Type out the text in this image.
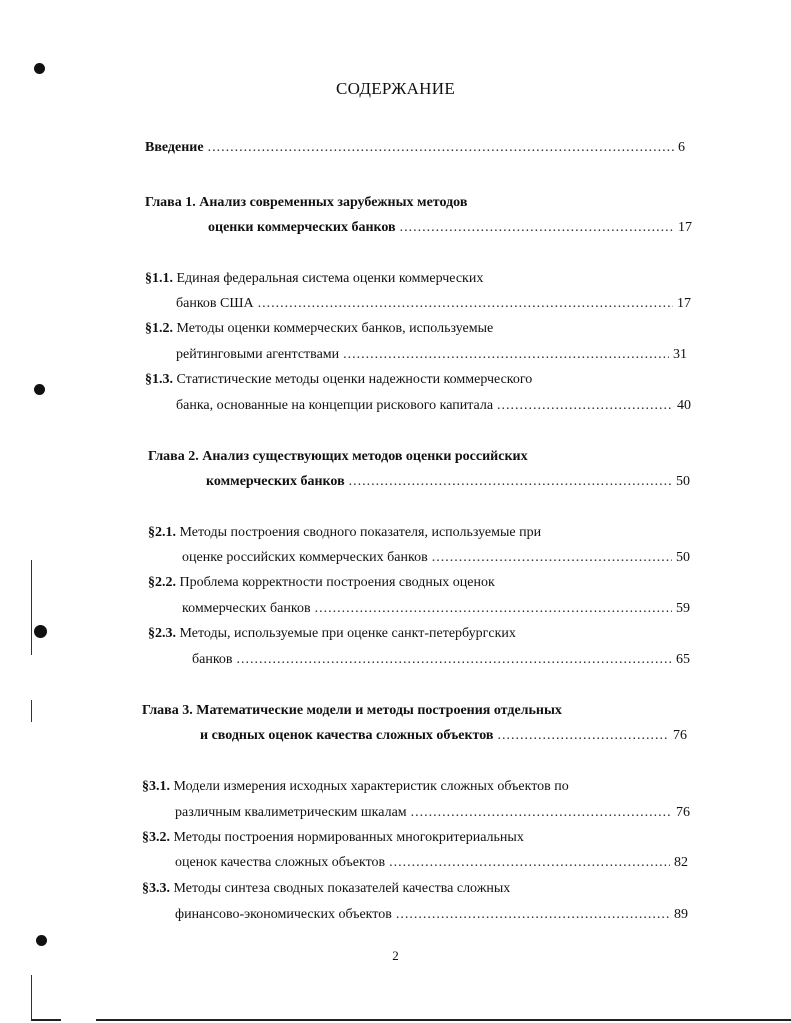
СОДЕРЖАНИЕ
Введение .....	6
Глава 1. Анализ современных зарубежных методов
оценки коммерческих банков .....	17
§1.1. Единая федеральная система оценки коммерческих
банков США .....	17
§1.2. Методы оценки коммерческих банков, используемые
рейтинговыми агентствами .....	31
§1.3. Статистические методы оценки надежности коммерческого
банка, основанные на концепции рискового капитала .....	40
Глава 2. Анализ существующих методов оценки российских
коммерческих банков .....	50
§2.1. Методы построения сводного показателя, используемые при
оценке российских коммерческих банков .....	50
§2.2. Проблема корректности построения сводных оценок
коммерческих банков .....	59
§2.3. Методы, используемые при оценке санкт-петербургских
банков .....	65
Глава 3. Математические модели и методы построения отдельных
и сводных оценок качества сложных объектов .....	76
§3.1. Модели измерения исходных характеристик сложных объектов по
различным квалиметрическим шкалам .....	76
§3.2. Методы построения нормированных многокритериальных
оценок качества сложных объектов .....	82
§3.3. Методы синтеза сводных показателей качества сложных
финансово-экономических объектов .....	89
2
